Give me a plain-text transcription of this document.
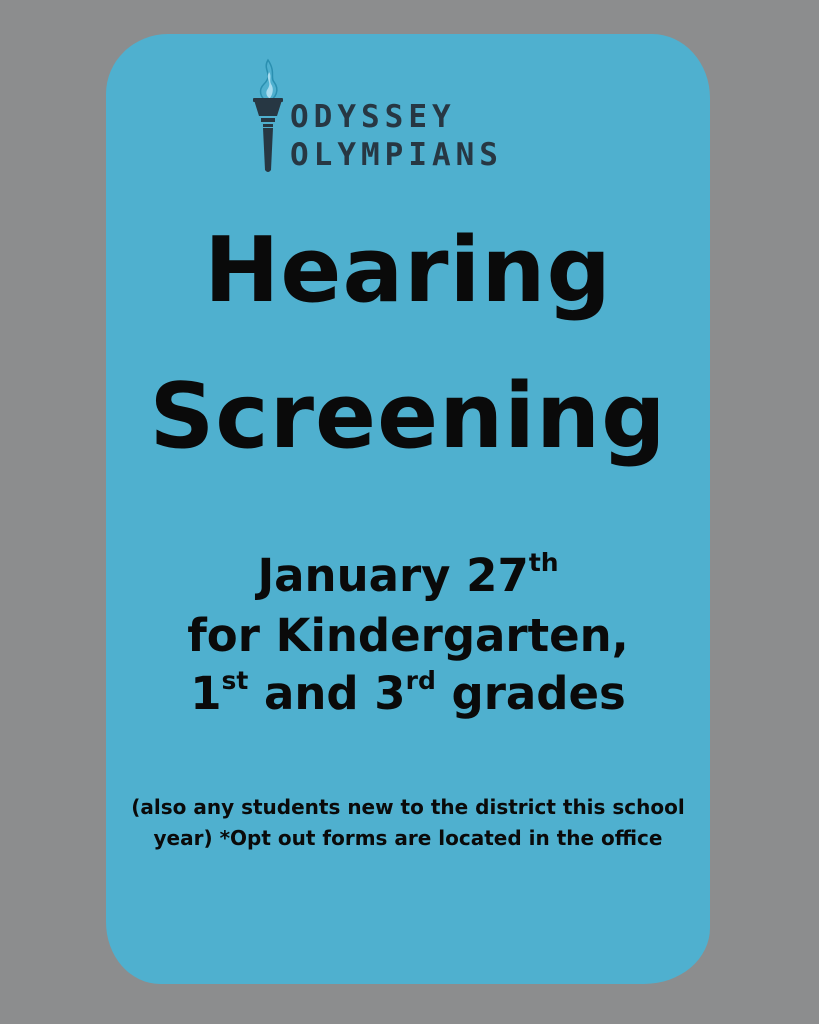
ODYSSEY
OLYMPIANS
Hearing
Screening
January 27th
for Kindergarten,
1st and 3rd grades
(also any students new to the district this school year) *Opt out forms are located in the office
